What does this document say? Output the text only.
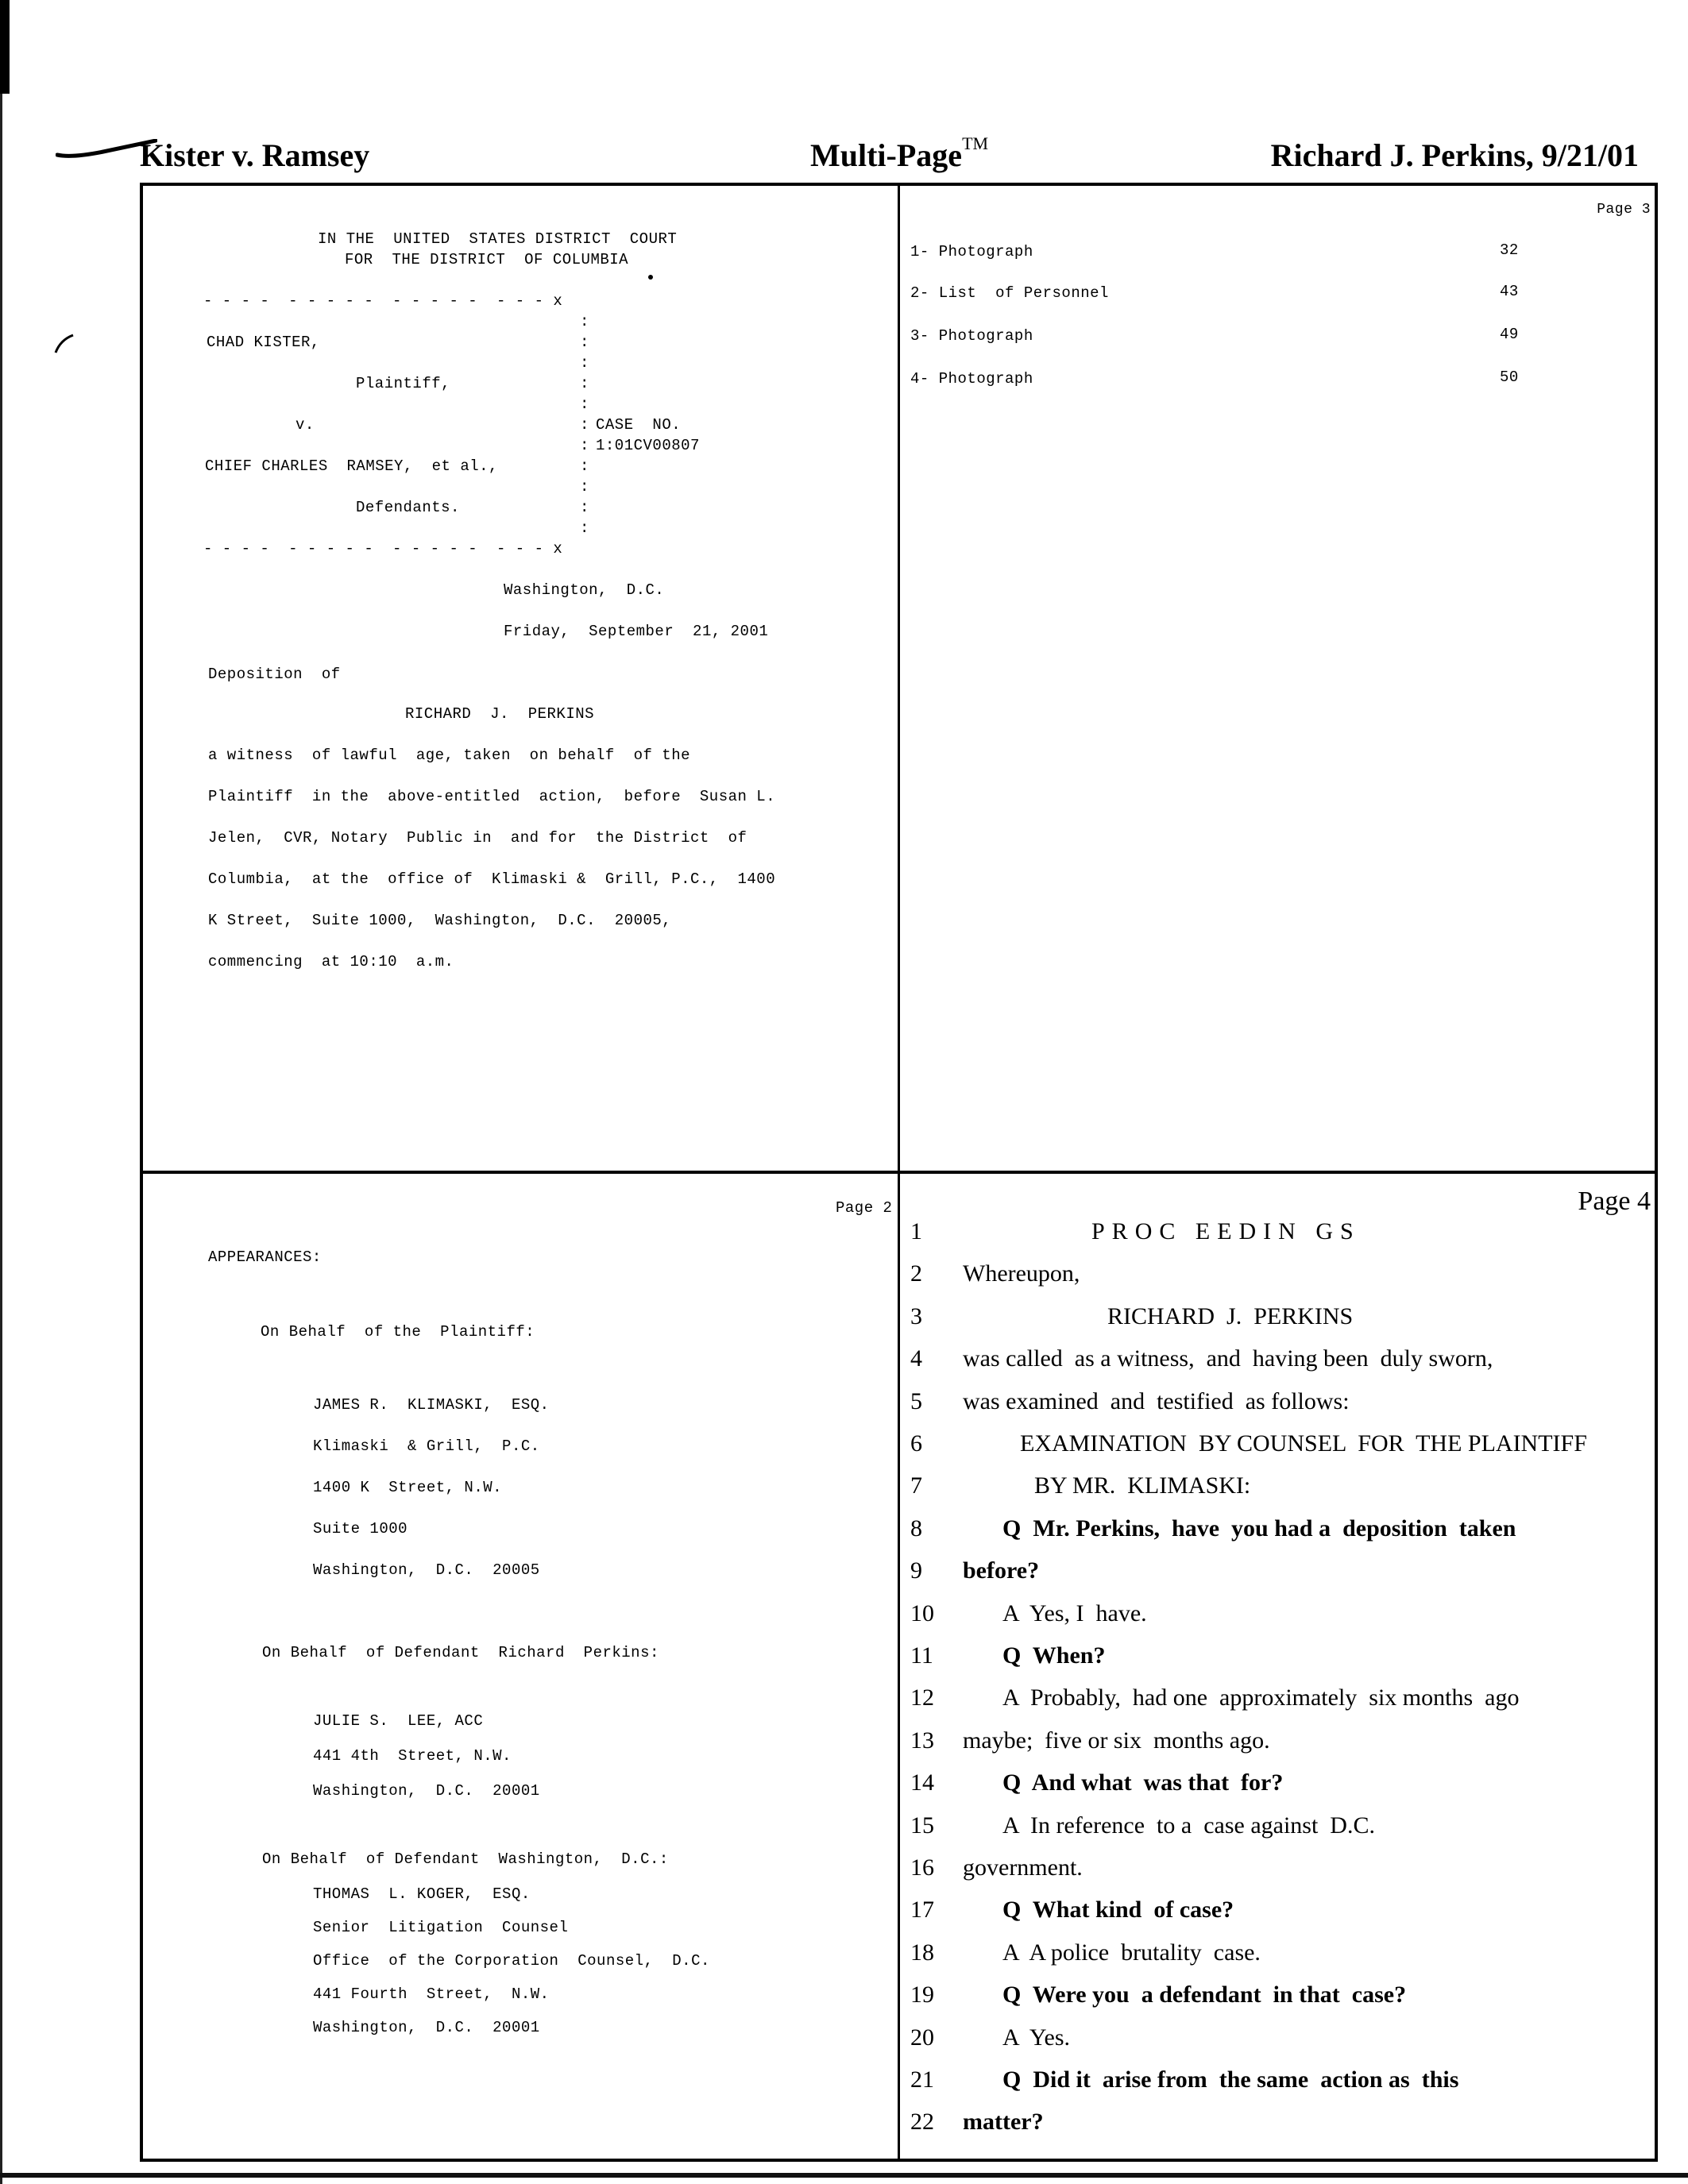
Kister v. Ramsey	Multi-Page™	Richard J. Perkins, 9/21/01
IN THE  UNITED  STATES DISTRICT  COURT
FOR  THE DISTRICT  OF COLUMBIA
- - - -  - - - - -  - - - - -  - - - x
:
CHAD KISTER,	:
:
Plaintiff,	:
:
v.	: CASE  NO.
: 1:01CV00807
CHIEF CHARLES  RAMSEY,  et al.,	:
:
Defendants.	:
:
- - - -  - - - - -  - - - - -  - - - x
Washington,  D.C.
Friday,  September  21, 2001
Deposition  of
RICHARD  J.  PERKINS
a witness  of lawful  age, taken  on behalf  of the
Plaintiff  in the  above-entitled  action,  before  Susan L.
Jelen,  CVR, Notary  Public in  and for  the District  of
Columbia,  at the  office of  Klimaski &  Grill, P.C.,  1400
K Street,  Suite 1000,  Washington,  D.C.  20005,
commencing  at 10:10  a.m.
Page 3
1- Photograph	32
2- List  of Personnel	43
3- Photograph	49
4- Photograph	50
Page 2
APPEARANCES:
On Behalf  of the  Plaintiff:
JAMES R.  KLIMASKI,  ESQ.
Klimaski  & Grill,  P.C.
1400 K  Street, N.W.
Suite 1000
Washington,  D.C.  20005
On Behalf  of Defendant  Richard  Perkins:
JULIE S.  LEE, ACC
441 4th  Street, N.W.
Washington,  D.C.  20001
On Behalf  of Defendant  Washington,  D.C.:
THOMAS  L. KOGER,  ESQ.
Senior  Litigation  Counsel
Office  of the Corporation  Counsel,  D.C.
441 Fourth  Street,  N.W.
Washington,  D.C.  20001
Page 4
1	PROC EEDIN GS
2	Whereupon,
3	RICHARD  J.  PERKINS
4	was called  as a witness,  and  having been  duly sworn,
5	was examined  and  testified  as follows:
6	EXAMINATION  BY COUNSEL  FOR  THE PLAINTIFF
7	BY MR.  KLIMASKI:
8	Q  Mr. Perkins,  have  you had a  deposition  taken
9	before?
10	A  Yes, I  have.
11	Q  When?
12	A  Probably,  had one  approximately  six months  ago
13	maybe;  five or six  months ago.
14	Q  And what  was that  for?
15	A  In reference  to a  case against  D.C.
16	government.
17	Q  What kind  of case?
18	A  A police  brutality  case.
19	Q  Were you  a defendant  in that  case?
20	A  Yes.
21	Q  Did it  arise from  the same  action as  this
22	matter?
